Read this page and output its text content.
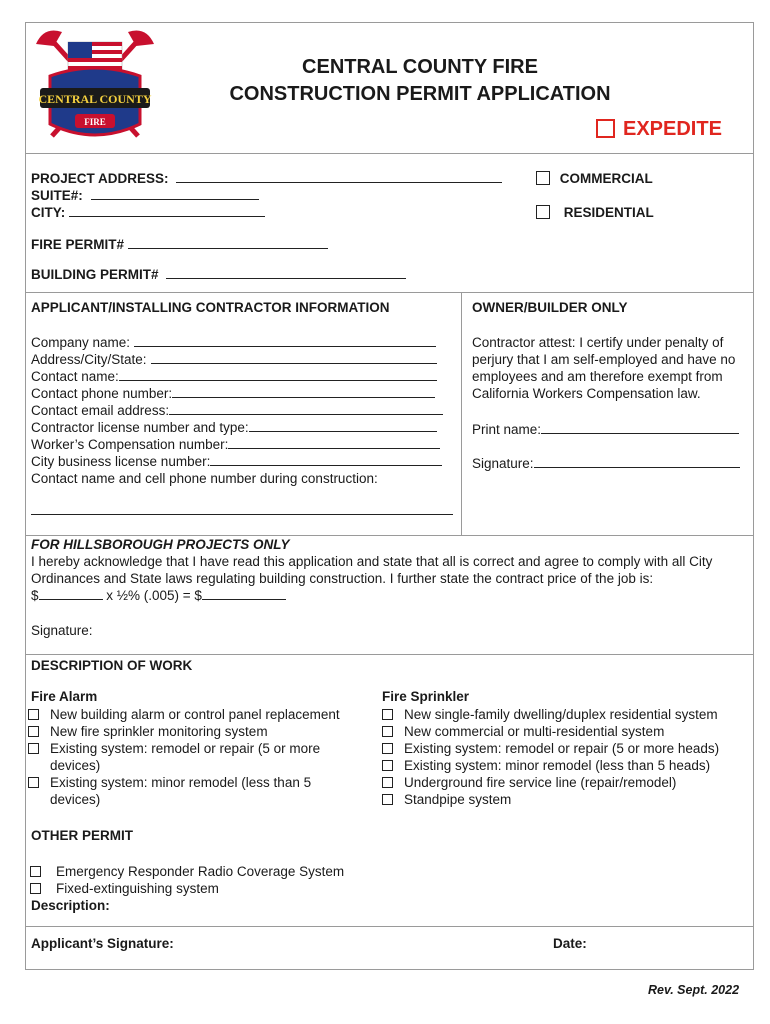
CENTRAL COUNTY
FIRE
CENTRAL COUNTY FIRE
CONSTRUCTION PERMIT APPLICATION
EXPEDITE
PROJECT ADDRESS:
SUITE#:
CITY:
COMMERCIAL
RESIDENTIAL
FIRE PERMIT#
BUILDING PERMIT#
APPLICANT/INSTALLING CONTRACTOR INFORMATION
Company name:
Address/City/State:
Contact name:
Contact phone number:
Contact email address:
Contractor license number and type:
Worker’s Compensation number:
City business license number:
Contact name and cell phone number during construction:
OWNER/BUILDER ONLY
Contractor attest: I certify under penalty of
perjury that I am self-employed and have no
employees and am therefore exempt from
California Workers Compensation law.
Print name:
Signature:
FOR HILLSBOROUGH PROJECTS ONLY
I hereby acknowledge that I have read this application and state that all is correct and agree to comply with all City
Ordinances and State laws regulating building construction. I further state the contract price of the job is:
$	x ½% (.005) = $
Signature:
DESCRIPTION OF WORK
Fire Alarm
New building alarm or control panel replacement
New fire sprinkler monitoring system
Existing system: remodel or repair (5 or more
devices)
Existing system: minor remodel (less than 5
devices)
Fire Sprinkler
New single-family dwelling/duplex residential system
New commercial or multi-residential system
Existing system: remodel or repair (5 or more heads)
Existing system: minor remodel (less than 5 heads)
Underground fire service line (repair/remodel)
Standpipe system
OTHER PERMIT
Emergency Responder Radio Coverage System
Fixed-extinguishing system
Description:
Applicant’s Signature:	Date:
Rev. Sept. 2022
